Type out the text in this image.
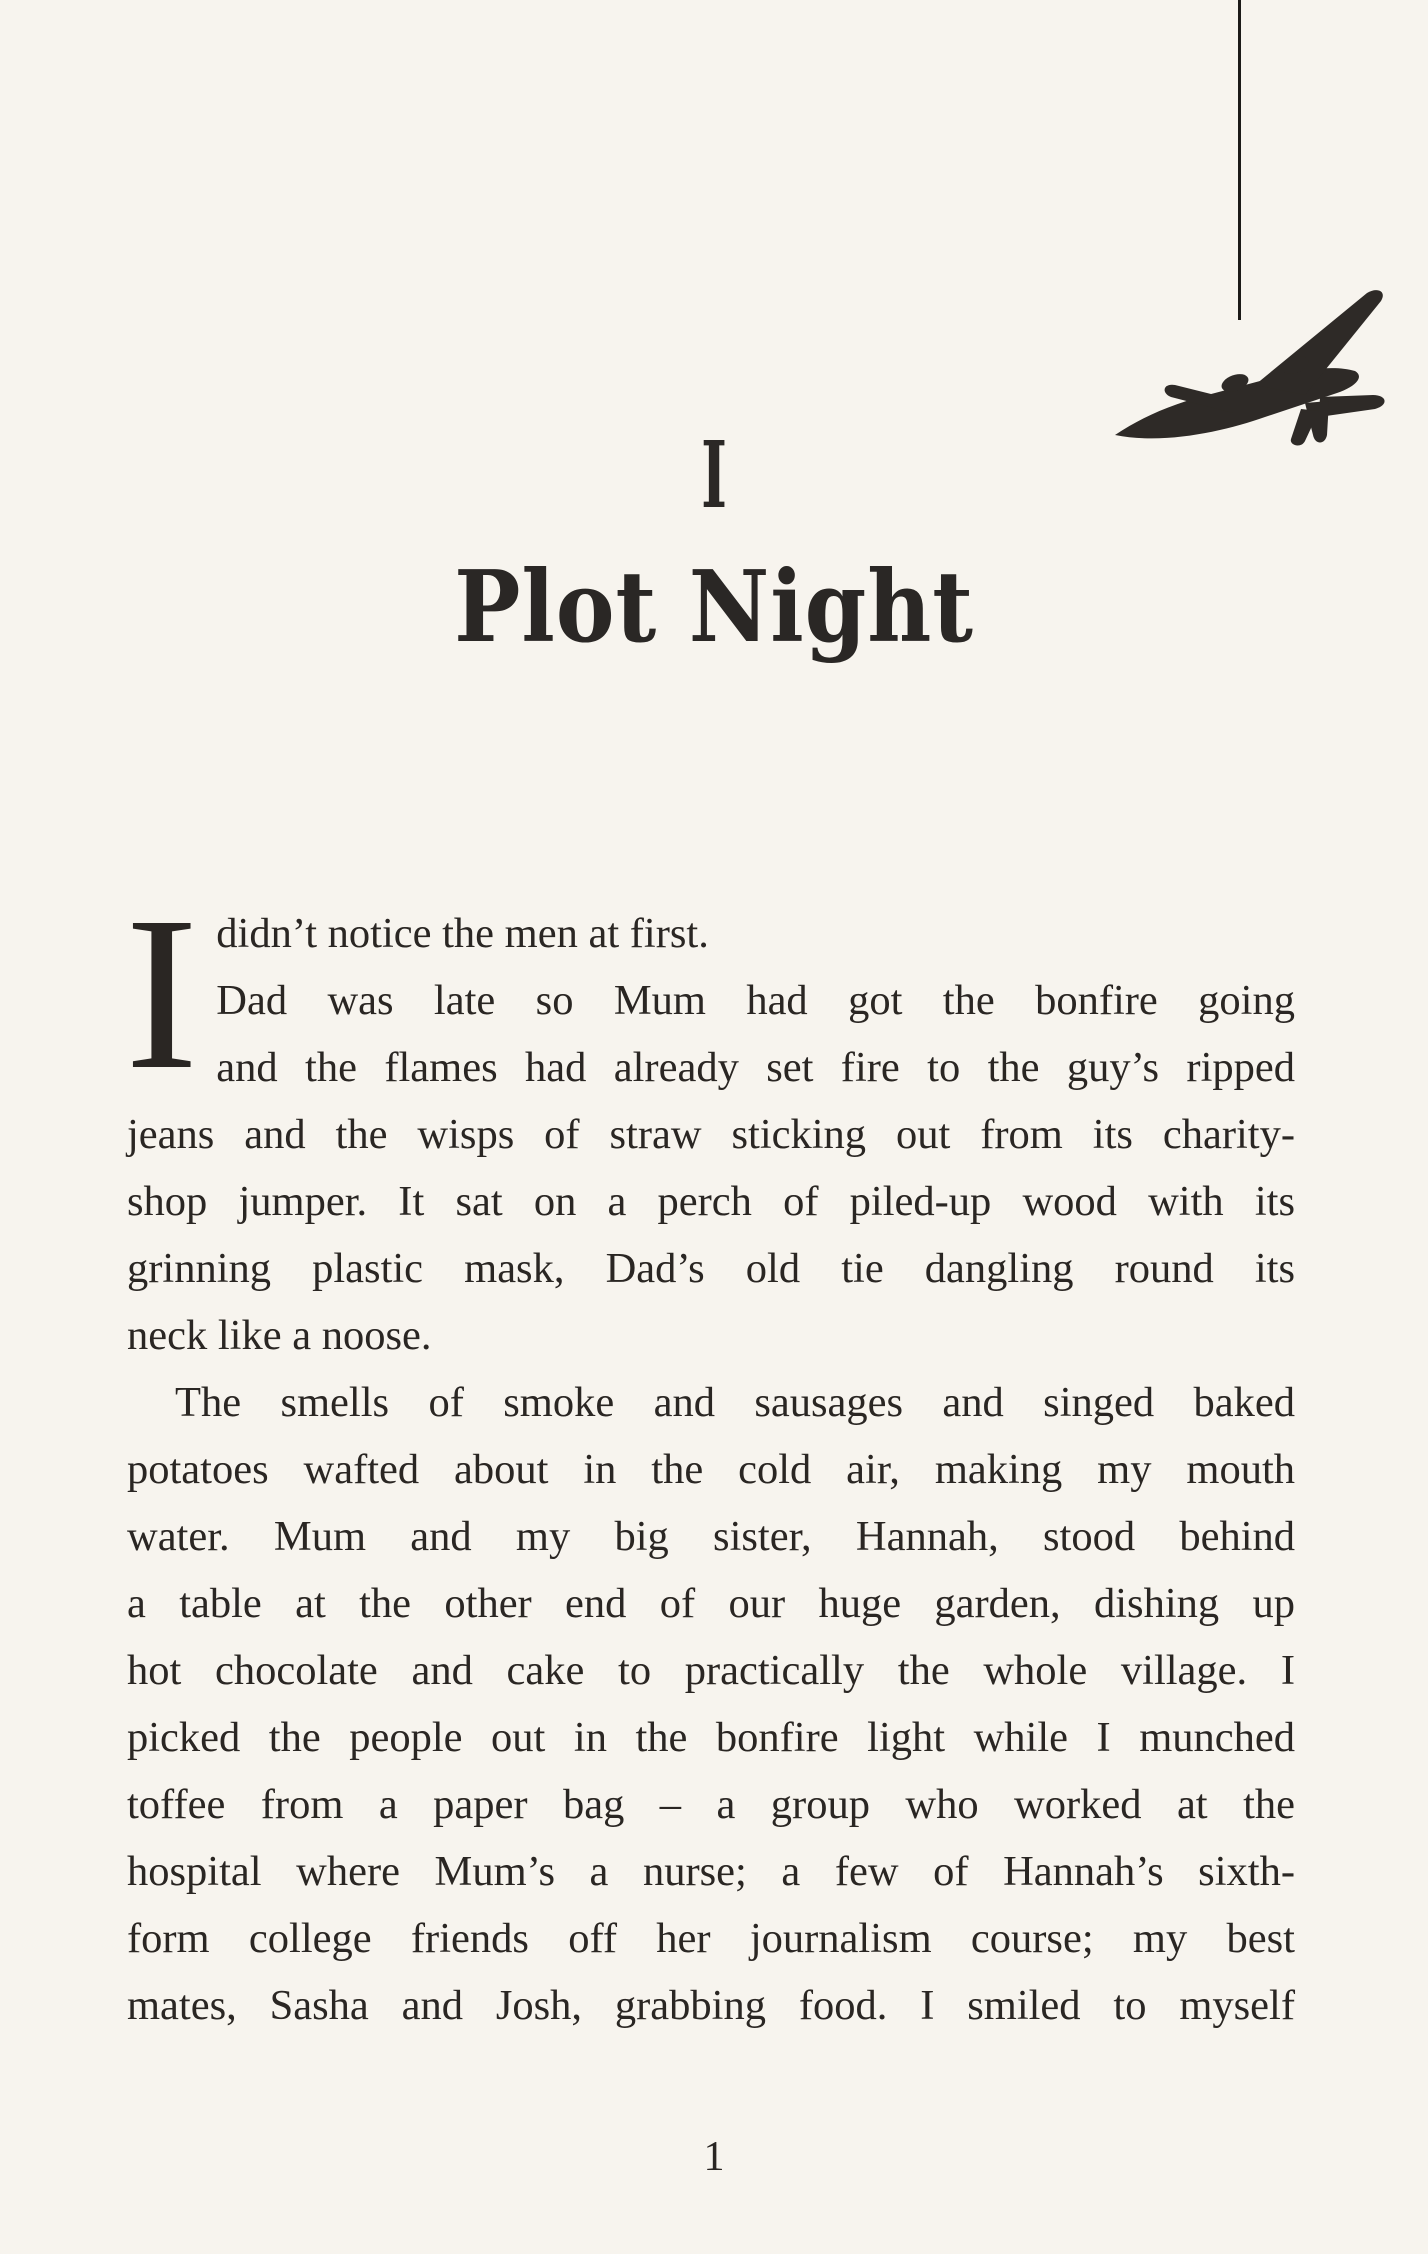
I
Plot Night
I didn’t notice the men at first.
Dad was late so Mum had got the bonfire going
and the flames had already set fire to the guy’s ripped
jeans and the wisps of straw sticking out from its charity-
shop jumper. It sat on a perch of piled-up wood with its
grinning plastic mask, Dad’s old tie dangling round its
neck like a noose.
The smells of smoke and sausages and singed baked
potatoes wafted about in the cold air, making my mouth
water. Mum and my big sister, Hannah, stood behind
a table at the other end of our huge garden, dishing up
hot chocolate and cake to practically the whole village. I
picked the people out in the bonfire light while I munched
toffee from a paper bag – a group who worked at the
hospital where Mum’s a nurse; a few of Hannah’s sixth-
form college friends off her journalism course; my best
mates, Sasha and Josh, grabbing food. I smiled to myself
1
